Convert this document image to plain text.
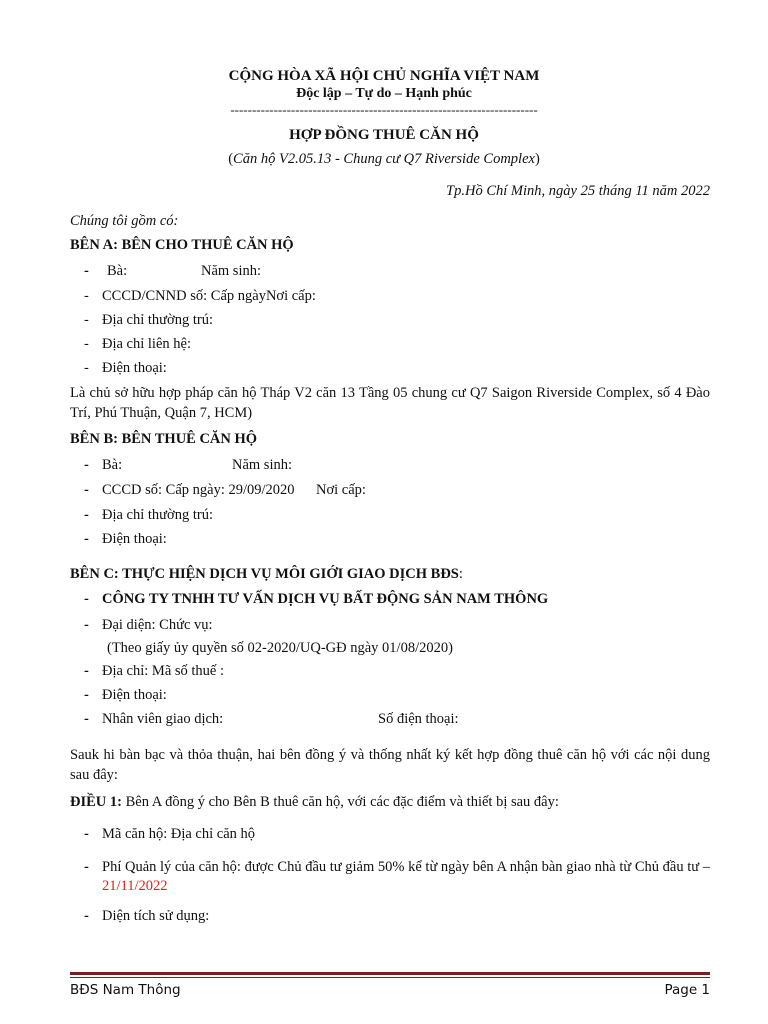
CỘNG HÒA XÃ HỘI CHỦ NGHĨA VIỆT NAM
Độc lập – Tự do – Hạnh phúc
-----------------------------------------------------------------------
HỢP ĐỒNG THUÊ CĂN HỘ
(Căn hộ V2.05.13 - Chung cư Q7 Riverside Complex)
Tp.Hồ Chí Minh, ngày 25 tháng 11 năm 2022
Chúng tôi gồm có:
BÊN A: BÊN CHO THUÊ CĂN HỘ
- Bà:	Năm sinh:
- CCCD/CNND số: Cấp ngàyNơi cấp:
- Địa chỉ thường trú:
- Địa chỉ liên hệ:
- Điện thoại:
Là chủ sở hữu hợp pháp căn hộ Tháp V2 căn 13 Tầng 05 chung cư Q7 Saigon Riverside Complex, số 4 Đào Trí, Phú Thuận, Quận 7, HCM)
BÊN B: BÊN THUÊ CĂN HỘ
- Bà:	Năm sinh:
- CCCD số: Cấp ngày: 29/09/2020 Nơi cấp:
- Địa chỉ thường trú:
- Điện thoại:
BÊN C: THỰC HIỆN DỊCH VỤ MÔI GIỚI GIAO DỊCH BĐS:
- CÔNG TY TNHH TƯ VẤN DỊCH VỤ BẤT ĐỘNG SẢN NAM THÔNG
- Đại diện: Chức vụ:
(Theo giấy ủy quyền số 02-2020/UQ-GĐ ngày 01/08/2020)
- Địa chỉ: Mã số thuế :
- Điện thoại:
- Nhân viên giao dịch:	Số điện thoại:
Sauk hi bàn bạc và thỏa thuận, hai bên đồng ý và thống nhất ký kết hợp đồng thuê căn hộ với các nội dung sau đây:
ĐIỀU 1: Bên A đồng ý cho Bên B thuê căn hộ, với các đặc điểm và thiết bị sau đây:
- Mã căn hộ: Địa chỉ căn hộ
- Phí Quản lý của căn hộ: được Chủ đầu tư giảm 50% kể từ ngày bên A nhận bàn giao nhà từ Chủ đầu tư – 21/11/2022
- Diện tích sử dụng:
BĐS Nam Thông	Page 1
